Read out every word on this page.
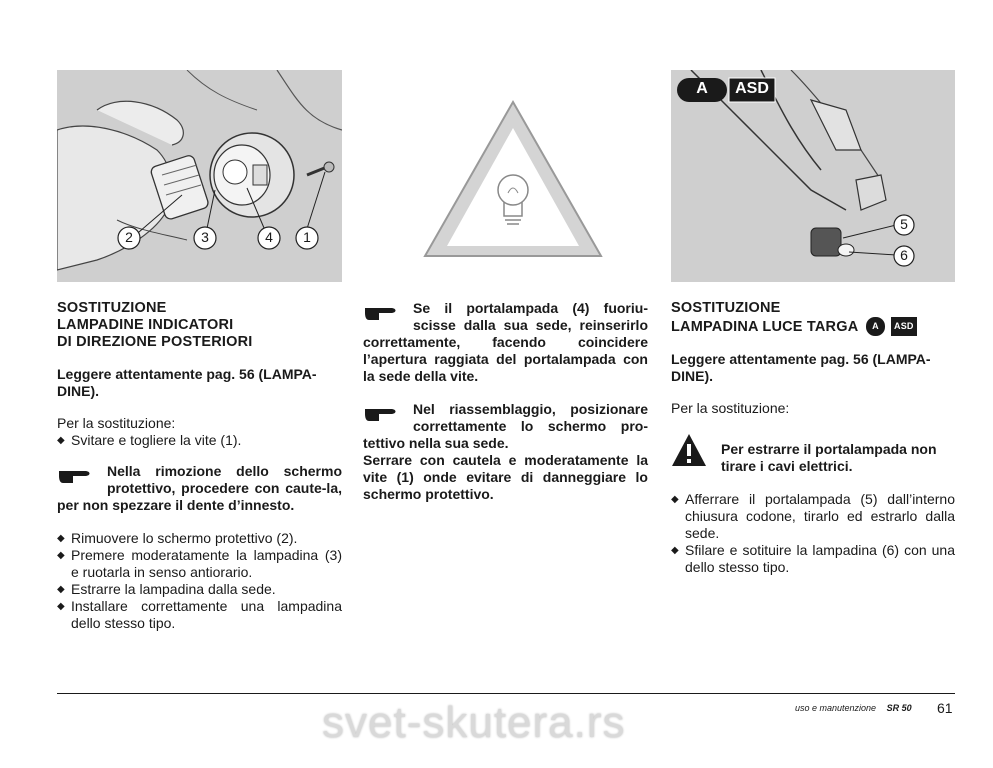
2	3	4 1
A	ASD
5
6
SOSTITUZIONE
LAMPADINE INDICATORI
DI DIREZIONE POSTERIORI
Leggere attentamente pag. 56 (LAMPA-DINE).
Per la sostituzione:
◆ Svitare e togliere la vite (1).
Nella rimozione dello schermo protettivo, procedere con caute-la, per non spezzare il dente d’innesto.
◆ Rimuovere lo schermo protettivo (2).
◆ Premere moderatamente la lampadina (3) e ruotarla in senso antiorario.
◆ Estrarre la lampadina dalla sede.
◆ Installare correttamente una lampadina dello stesso tipo.
Se il portalampada (4) fuoriu-scisse dalla sua sede, reinserirlo correttamente, facendo coincidere l’apertura raggiata del portalampada con la sede della vite.
Nel riassemblaggio, posizionare correttamente lo schermo pro-tettivo nella sua sede.
Serrare con cautela e moderatamente la vite (1) onde evitare di danneggiare lo schermo protettivo.
SOSTITUZIONE
LAMPADINA LUCE TARGA A ASD
Leggere attentamente pag. 56 (LAMPA-DINE).
Per la sostituzione:
Per estrarre il portalampada non tirare i cavi elettrici.
◆ Afferrare il portalampada (5) dall’interno chiusura codone, tirarlo ed estrarlo dalla sede.
◆ Sfilare e sotituire la lampadina (6) con una dello stesso tipo.
uso e manutenzione SR 50 61
svet-skutera.rs
